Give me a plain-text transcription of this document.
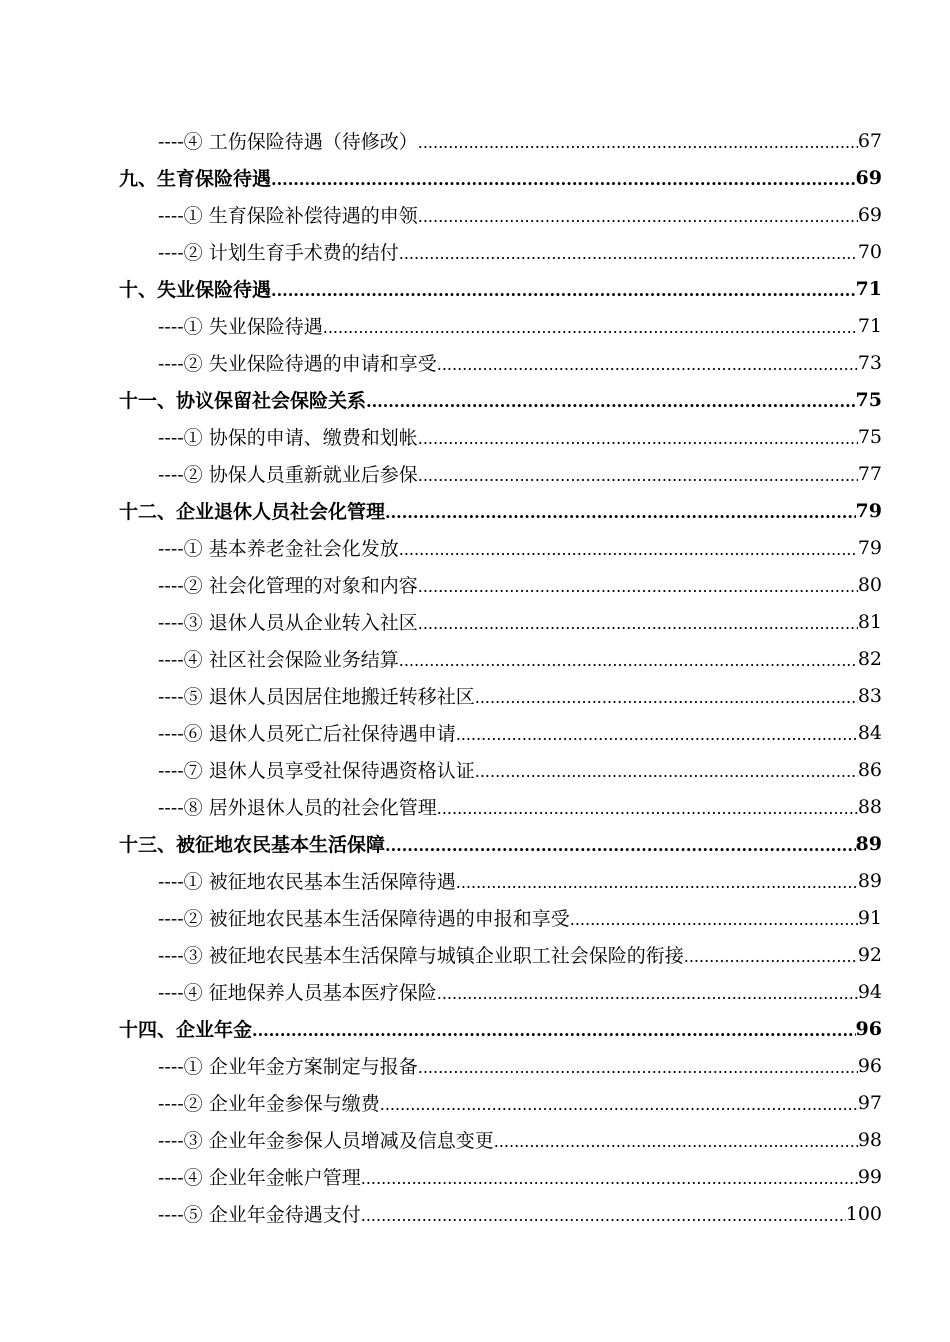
----④ 工伤保险待遇（待修改） .....	67
九、生育保险待遇 .....	69
----① 生育保险补偿待遇的申领 .....	69
----② 计划生育手术费的结付 .....	70
十、失业保险待遇 .....	71
----① 失业保险待遇 .....	71
----② 失业保险待遇的申请和享受 .....	73
十一、协议保留社会保险关系 .....	75
----① 协保的申请、缴费和划帐 .....	75
----② 协保人员重新就业后参保 .....	77
十二、企业退休人员社会化管理 .....	79
----① 基本养老金社会化发放 .....	79
----② 社会化管理的对象和内容 .....	80
----③ 退休人员从企业转入社区 .....	81
----④ 社区社会保险业务结算 .....	82
----⑤ 退休人员因居住地搬迁转移社区 .....	83
----⑥ 退休人员死亡后社保待遇申请 .....	84
----⑦ 退休人员享受社保待遇资格认证 .....	86
----⑧ 居外退休人员的社会化管理 .....	88
十三、被征地农民基本生活保障 .....	89
----① 被征地农民基本生活保障待遇 .....	89
----② 被征地农民基本生活保障待遇的申报和享受 .....	91
----③ 被征地农民基本生活保障与城镇企业职工社会保险的衔接 .....	92
----④ 征地保养人员基本医疗保险 .....	94
十四、企业年金 .....	96
----① 企业年金方案制定与报备 .....	96
----② 企业年金参保与缴费 .....	97
----③ 企业年金参保人员增减及信息变更 .....	98
----④ 企业年金帐户管理 .....	99
----⑤ 企业年金待遇支付 .....	100
